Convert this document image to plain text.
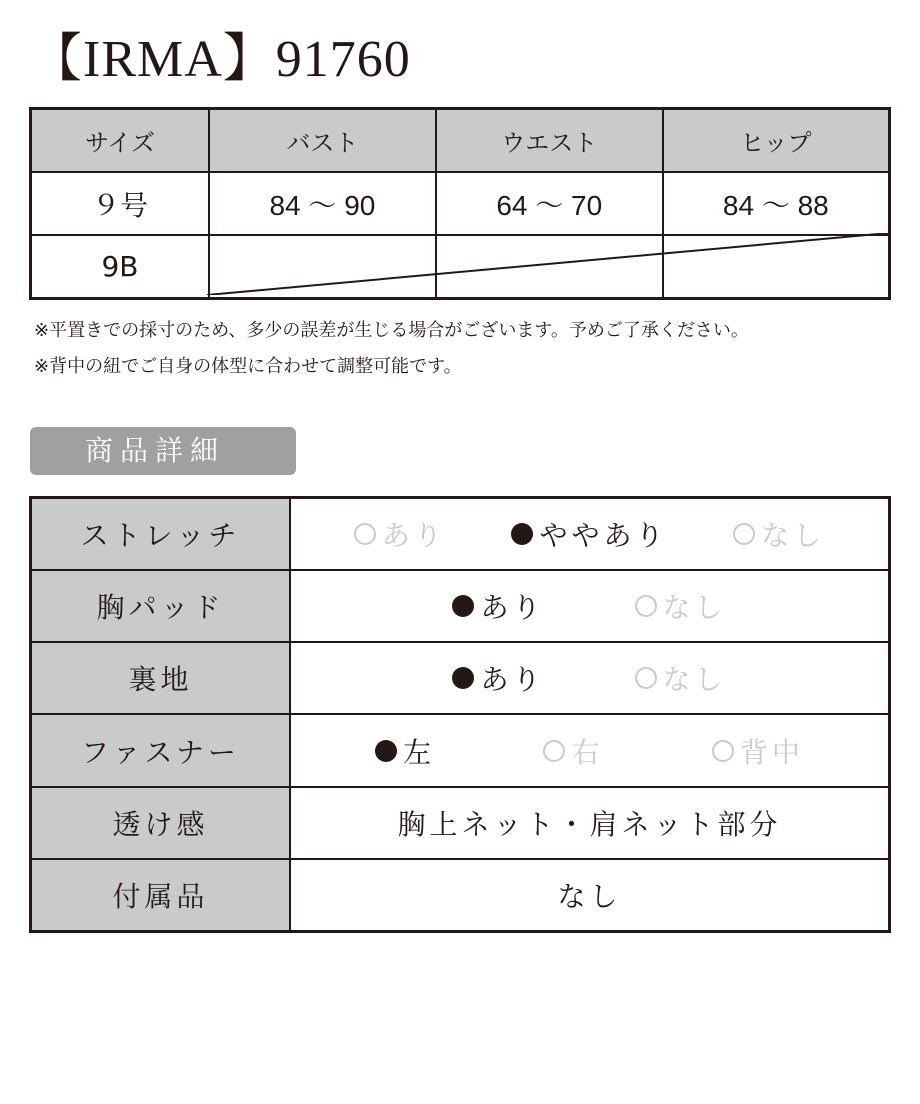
【IRMA】91760
サイズ	バスト	ウエスト	ヒップ
９号	84 ～ 90	64 ～ 70	84 ～ 88
9B			
※平置きでの採寸のため、多少の誤差が生じる場合がございます。予めご了承ください。
※背中の紐でご自身の体型に合わせて調整可能です。
商品詳細
ストレッチ	あり ややあり なし

胸パッド	あり なし

裏地	あり なし

ファスナー	左 右 背中

透け感	胸上ネット・肩ネット部分
付属品	なし
